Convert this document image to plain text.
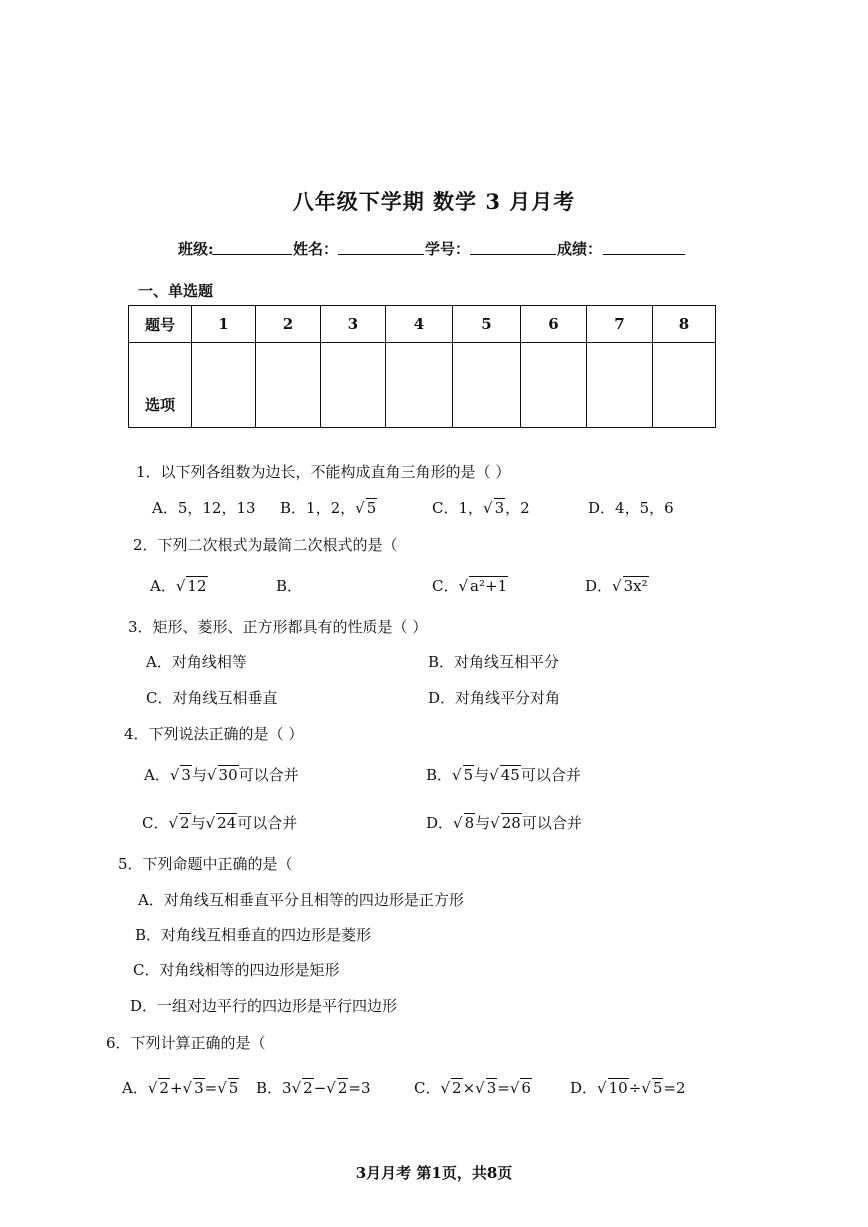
八年级下学期 数学 3 月月考
班级:	姓名：	学号：	成绩：
一、单选题
题号	1	2	3	4	5	6	7	8
选项								
1．以下列各组数为边长，不能构成直角三角形的是（ ）
A．5，12，13 B．1，2，√ 5	C．1，√ 3，2	D．4，5，6
2．下列二次根式为最简二次根式的是（
A．√ 12	B．	C．√ a²+1	D．√ 3x²
3．矩形、菱形、正方形都具有的性质是（ ）
A．对角线相等	B．对角线互相平分
C．对角线互相垂直	D．对角线平分对角
4．下列说法正确的是（ ）
A．√ 3与√ 30可以合并	B．√ 5与√ 45可以合并
C．√ 2与√ 24可以合并	D．√ 8与√ 28可以合并
5．下列命题中正确的是（
A．对角线互相垂直平分且相等的四边形是正方形
B．对角线互相垂直的四边形是菱形
C．对角线相等的四边形是矩形
D．一组对边平行的四边形是平行四边形
6．下列计算正确的是（
A．√ 2+√ 3=√ 5 B．3√ 2−√ 2=3	C．√ 2×√ 3=√ 6	D．√ 10÷√ 5=2
3月月考 第1页，共8页
